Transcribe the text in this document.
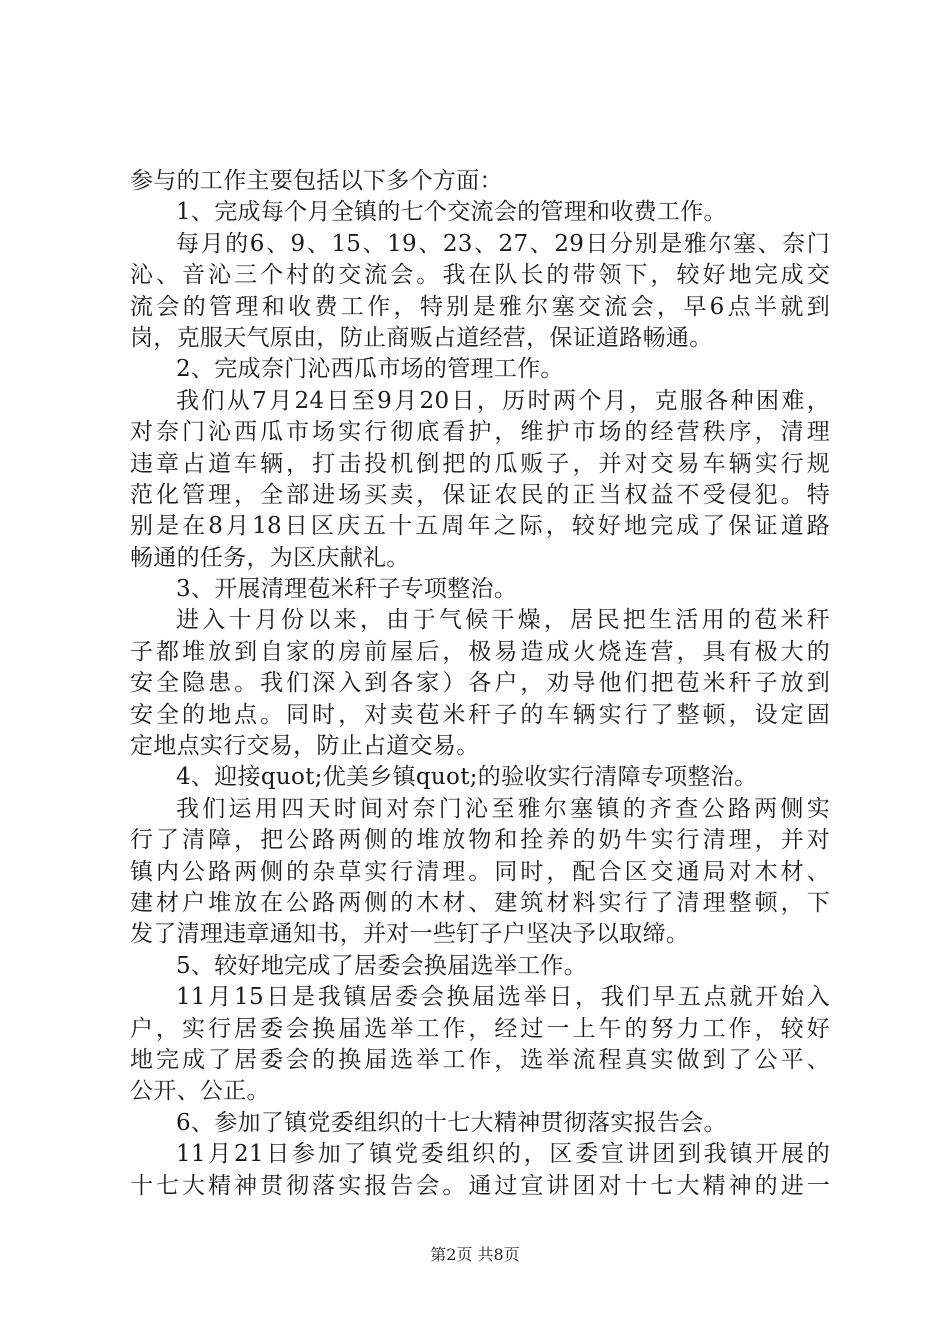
参与的工作主要包括以下多个方面：
1、完成每个月全镇的七个交流会的管理和收费工作。
每月的6、9、15、19、23、27、29日分别是雅尔塞、奈门
沁、音沁三个村的交流会。我在队长的带领下，较好地完成交
流会的管理和收费工作，特别是雅尔塞交流会，早6点半就到
岗，克服天气原由，防止商贩占道经营，保证道路畅通。
2、完成奈门沁西瓜市场的管理工作。
我们从7月24日至9月20日，历时两个月，克服各种困难，
对奈门沁西瓜市场实行彻底看护，维护市场的经营秩序，清理
违章占道车辆，打击投机倒把的瓜贩子，并对交易车辆实行规
范化管理，全部进场买卖，保证农民的正当权益不受侵犯。特
别是在8月18日区庆五十五周年之际，较好地完成了保证道路
畅通的任务，为区庆献礼。
3、开展清理苞米秆子专项整治。
进入十月份以来，由于气候干燥，居民把生活用的苞米秆
子都堆放到自家的房前屋后，极易造成火烧连营，具有极大的
安全隐患。我们深入到各家）各户，劝导他们把苞米秆子放到
安全的地点。同时，对卖苞米秆子的车辆实行了整顿，设定固
定地点实行交易，防止占道交易。
4、迎接quot;优美乡镇quot;的验收实行清障专项整治。
我们运用四天时间对奈门沁至雅尔塞镇的齐查公路两侧实
行了清障，把公路两侧的堆放物和拴养的奶牛实行清理，并对
镇内公路两侧的杂草实行清理。同时，配合区交通局对木材、
建材户堆放在公路两侧的木材、建筑材料实行了清理整顿，下
发了清理违章通知书，并对一些钉子户坚决予以取缔。
5、较好地完成了居委会换届选举工作。
11月15日是我镇居委会换届选举日，我们早五点就开始入
户，实行居委会换届选举工作，经过一上午的努力工作，较好
地完成了居委会的换届选举工作，选举流程真实做到了公平、
公开、公正。
6、参加了镇党委组织的十七大精神贯彻落实报告会。
11月21日参加了镇党委组织的，区委宣讲团到我镇开展的
十七大精神贯彻落实报告会。通过宣讲团对十七大精神的进一
第2页 共8页
